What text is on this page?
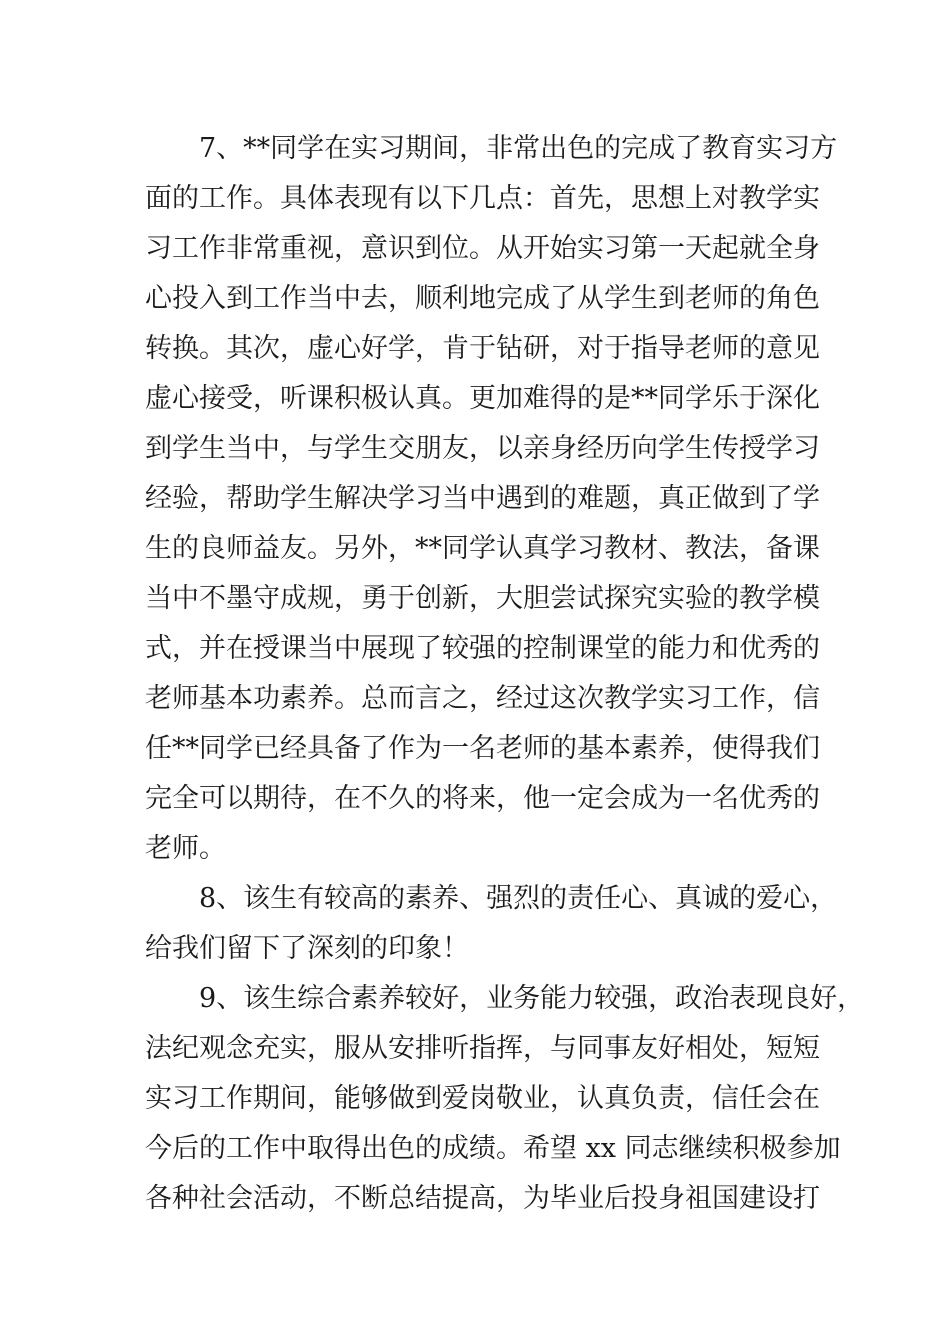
7、**同学在实习期间，非常出色的完成了教育实习方
面的工作。具体表现有以下几点：首先，思想上对教学实
习工作非常重视，意识到位。从开始实习第一天起就全身
心投入到工作当中去，顺利地完成了从学生到老师的角色
转换。其次，虚心好学，肯于钻研，对于指导老师的意见
虚心接受，听课积极认真。更加难得的是**同学乐于深化
到学生当中，与学生交朋友，以亲身经历向学生传授学习
经验，帮助学生解决学习当中遇到的难题，真正做到了学
生的良师益友。另外，**同学认真学习教材、教法，备课
当中不墨守成规，勇于创新，大胆尝试探究实验的教学模
式，并在授课当中展现了较强的控制课堂的能力和优秀的
老师基本功素养。总而言之，经过这次教学实习工作，信
任**同学已经具备了作为一名老师的基本素养，使得我们
完全可以期待，在不久的将来，他一定会成为一名优秀的
老师。
8、该生有较高的素养、强烈的责任心、真诚的爱心，
给我们留下了深刻的印象！
9、该生综合素养较好，业务能力较强，政治表现良好，
法纪观念充实，服从安排听指挥，与同事友好相处，短短
实习工作期间，能够做到爱岗敬业，认真负责，信任会在
今后的工作中取得出色的成绩。希望 xx 同志继续积极参加
各种社会活动，不断总结提高，为毕业后投身祖国建设打
